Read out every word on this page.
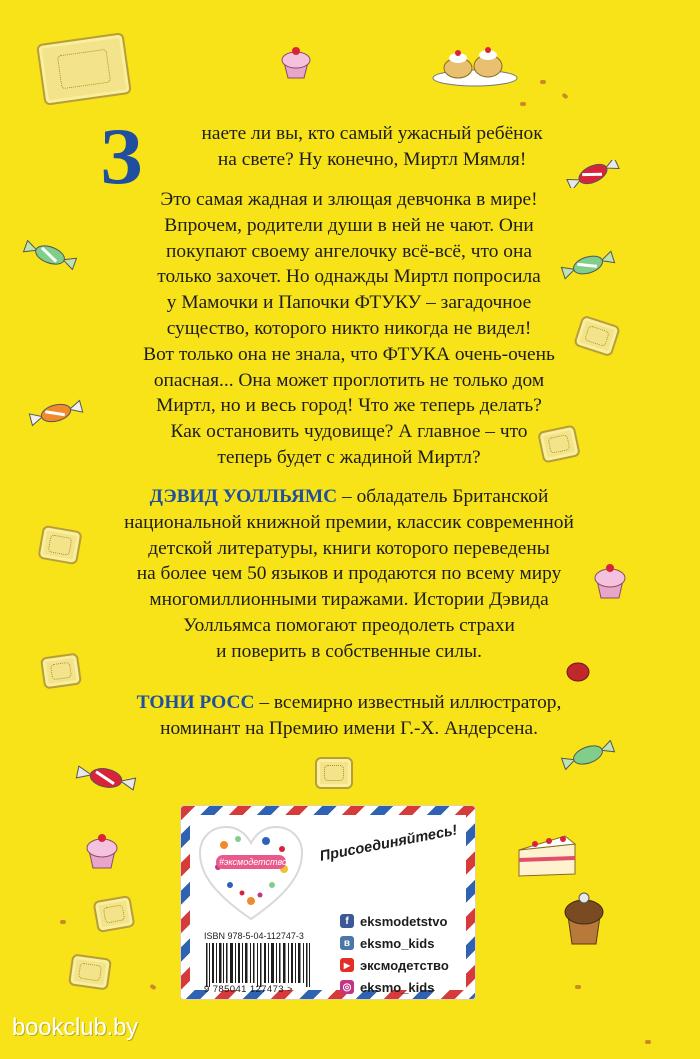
З	наете ли вы, кто самый ужасный ребёнок

на свете? Ну конечно, Миртл Мямля!

Это самая жадная и злющая девчонка в мире!

Впрочем, родители души в ней не чают. Они

покупают своему ангелочку всё-всё, что она

только захочет. Но однажды Миртл попросила

у Мамочки и Папочки ФТУКУ – загадочное

существо, которого никто никогда не видел!

Вот только она не знала, что ФТУКА очень-очень

опасная... Она может проглотить не только дом

Миртл, но и весь город! Что же теперь делать?

Как остановить чудовище? А главное – что

теперь будет с жадиной Миртл?

ДЭВИД УОЛЛЬЯМС – обладатель Британской
национальной книжной премии, классик современной
детской литературы, книги которого переведены
на более чем 50 языков и продаются по всему миру
многомиллионными тиражами. Истории Дэвида
Уолльямса помогают преодолеть страхи
и поверить в собственные силы.
ТОНИ РОСС – всемирно известный иллюстратор,
номинант на Премию имени Г.-Х. Андерсена.
#эксмодетство Присоединяйтесь!
ISBN 978-5-04-112747-3
9 785041 127473 >
f eksmodetstvo
в eksmo_kids
▶ эксмодетство
◎ eksmo_kids
bookclub.by
